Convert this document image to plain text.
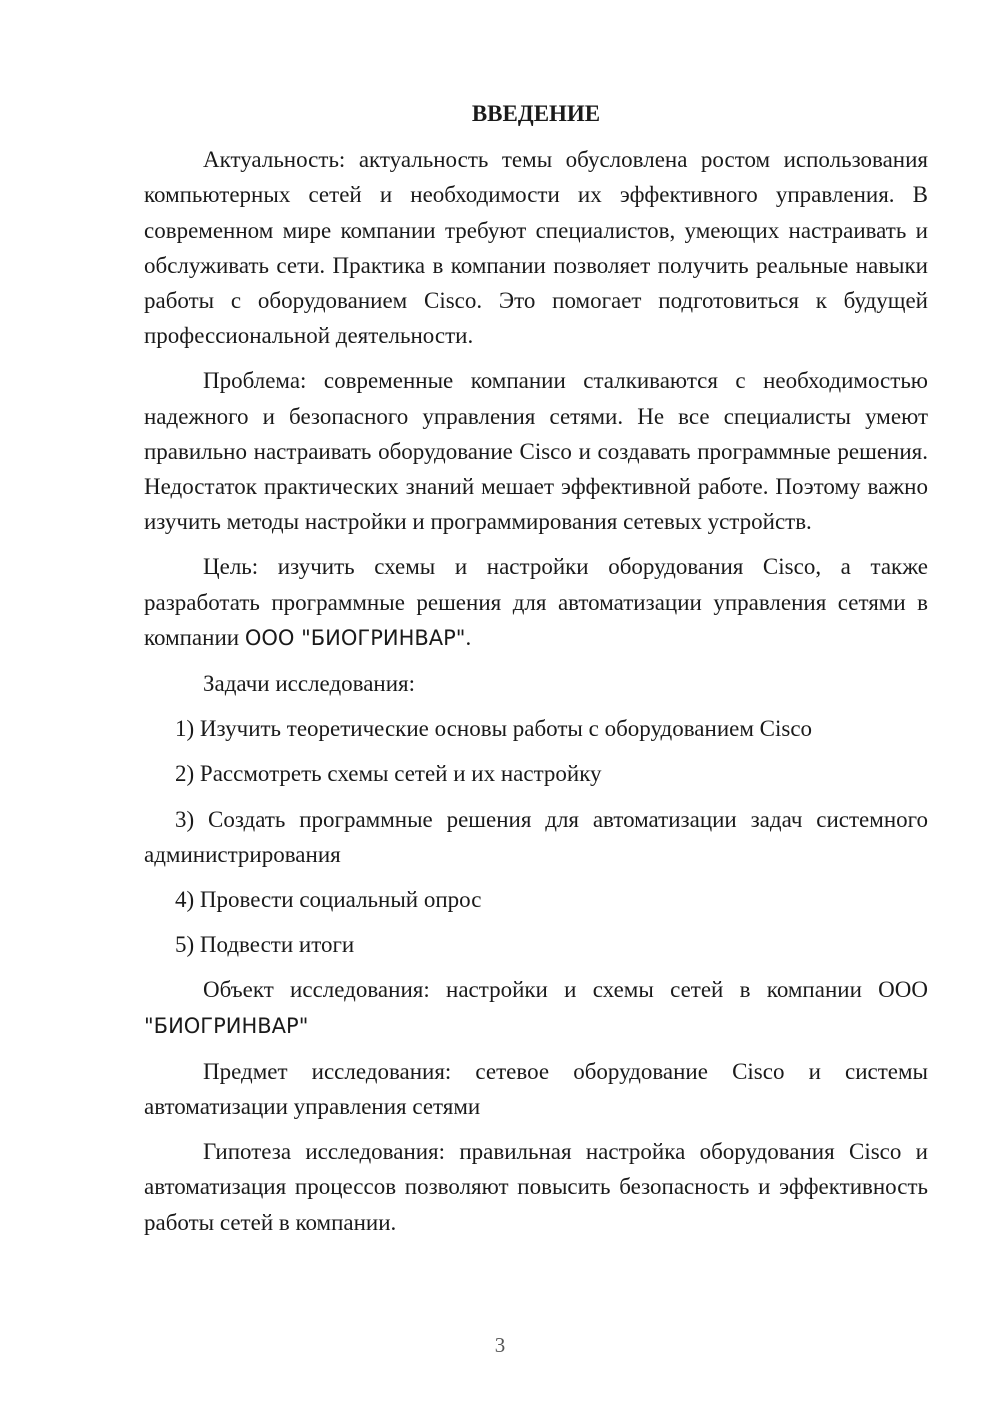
ВВЕДЕНИЕ

Актуальность: актуальность темы обусловлена ростом использования компьютерных сетей и необходимости их эффективного управления. В современном мире компании требуют специалистов, умеющих настраивать и обслуживать сети. Практика в компании позволяет получить реальные навыки работы с оборудованием Cisco. Это помогает подготовиться к будущей профессиональной деятельности.

Проблема: современные компании сталкиваются с необходимостью надежного и безопасного управления сетями. Не все специалисты умеют правильно настраивать оборудование Cisco и создавать программные решения. Недостаток практических знаний мешает эффективной работе. Поэтому важно изучить методы настройки и программирования сетевых устройств.

Цель: изучить схемы и настройки оборудования Cisco, а также разработать программные решения для автоматизации управления сетями в компании ООО "БИОГРИНВАР".

Задачи исследования:

1) Изучить теоретические основы работы с оборудованием Cisco

2) Рассмотреть схемы сетей и их настройку

3) Создать программные решения для автоматизации задач системного администрирования

4) Провести социальный опрос

5) Подвести итоги

Объект исследования: настройки и схемы сетей в компании ООО "БИОГРИНВАР"

Предмет исследования: сетевое оборудование Cisco и системы автоматизации управления сетями

Гипотеза исследования: правильная настройка оборудования Cisco и автоматизация процессов позволяют повысить безопасность и эффективность работы сетей в компании.

3
